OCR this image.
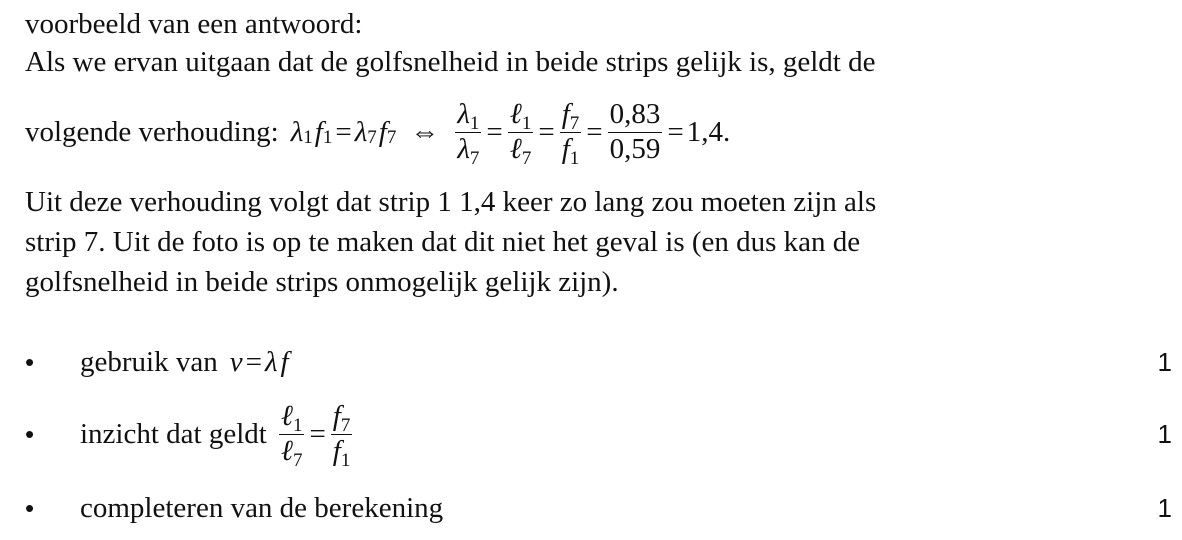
voorbeeld van een antwoord:
Als we ervan uitgaan dat de golfsnelheid in beide strips gelijk is, geldt de
volgende verhouding: λ 1 f 1 = λ 7 f 7 ⇔ $\frac{\lambda_1}{\lambda_7} = \frac{\ell_1}{\ell_7} = \frac{f_7}{f_1} = \frac{0,83}{0,59} = 1,4$.
Uit deze verhouding volgt dat strip 1 1,4 keer zo lang zou moeten zijn als
strip 7. Uit de foto is op te maken dat dit niet het geval is (en dus kan de
golfsnelheid in beide strips onmogelijk gelijk zijn).
•	gebruik van v = λ f	1
•	inzicht dat geldt $\frac{\ell_1}{\ell_7} = \frac{f_7}{f_1}$	1
•	completeren van de berekening	1
